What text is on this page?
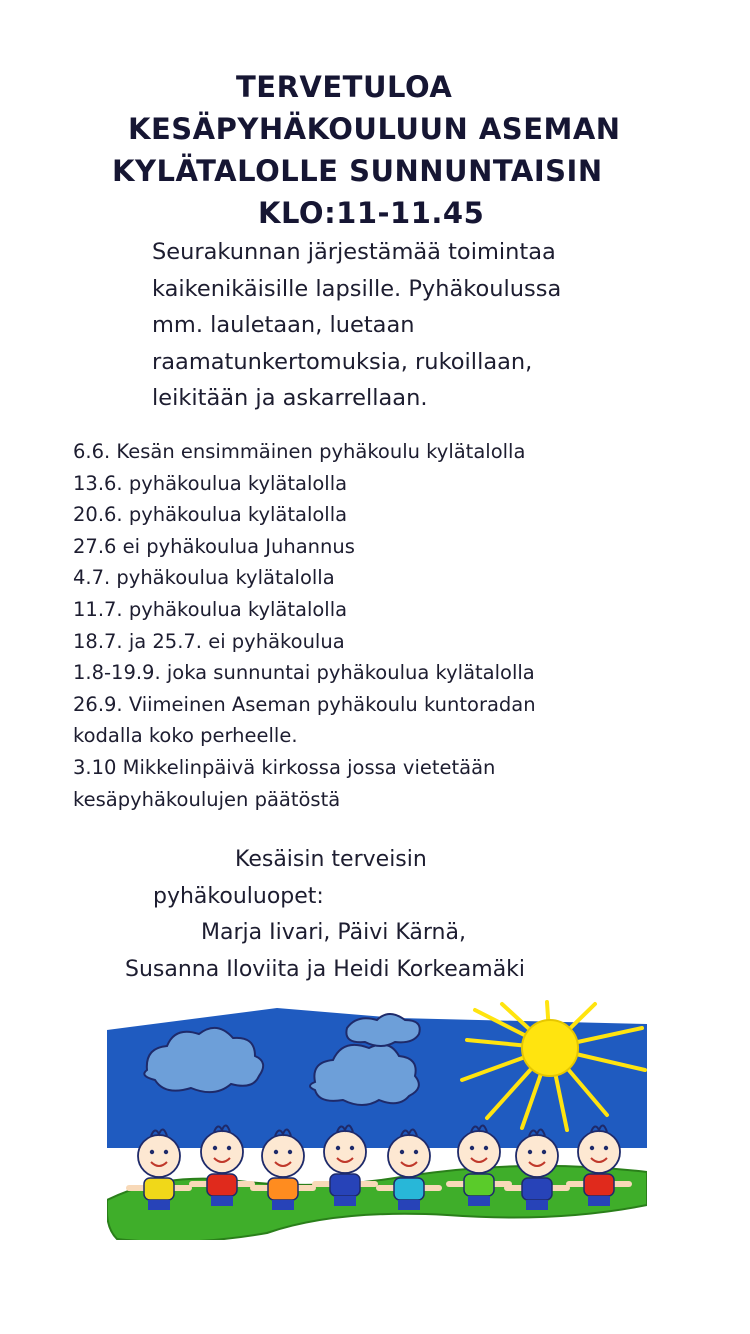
TERVETULOA
KESÄPYHÄKOULUUN ASEMAN
KYLÄTALOLLE SUNNUNTAISIN
KLO:11-11.45
Seurakunnan järjestämää toimintaa
kaikenikäisille lapsille. Pyhäkoulussa
mm. lauletaan, luetaan
raamatunkertomuksia, rukoillaan,
leikitään ja askarrellaan.
6.6. Kesän ensimmäinen pyhäkoulu kylätalolla
13.6. pyhäkoulua kylätalolla
20.6. pyhäkoulua kylätalolla
27.6 ei pyhäkoulua Juhannus
4.7. pyhäkoulua kylätalolla
11.7. pyhäkoulua kylätalolla
18.7. ja 25.7. ei pyhäkoulua
1.8-19.9. joka sunnuntai pyhäkoulua kylätalolla
26.9. Viimeinen Aseman pyhäkoulu kuntoradan
kodalla koko perheelle.
3.10 Mikkelinpäivä kirkossa jossa vietetään
kesäpyhäkoulujen päätöstä
Kesäisin terveisin
pyhäkouluopet:
Marja Iivari, Päivi Kärnä,
Susanna Iloviita ja Heidi Korkeamäki
